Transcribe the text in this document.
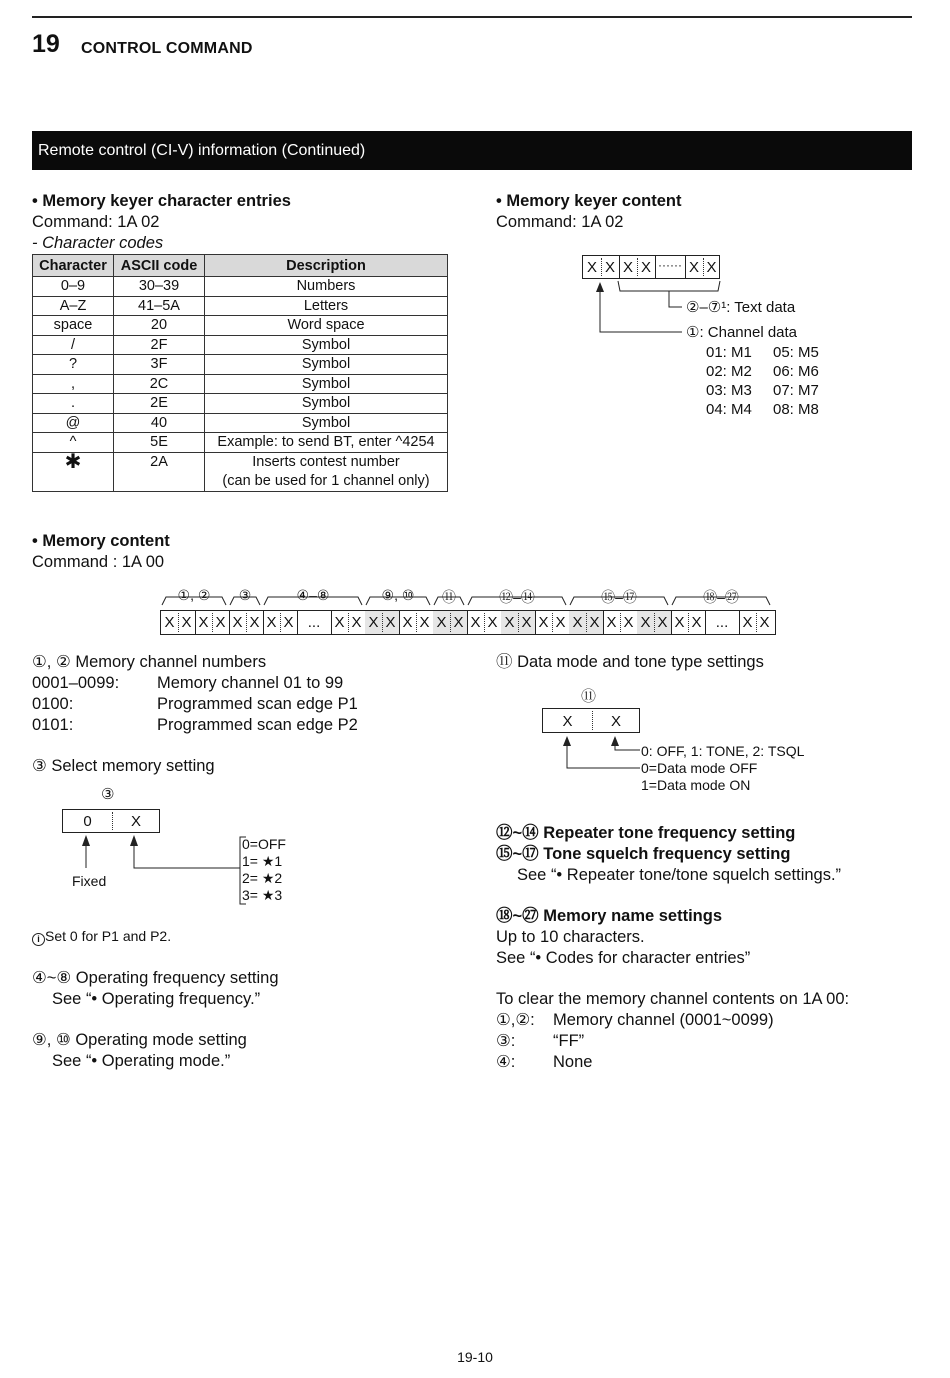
19 CONTROL COMMAND
Remote control (CI-V) information (Continued)
• Memory keyer character entries
Command: 1A 02
- Character codes
Character	ASCII code	Description
0–9	30–39	Numbers
A–Z	41–5A	Letters
space	20	Word space
/	2F	Symbol
?	3F	Symbol
,	2C	Symbol
.	2E	Symbol
@	40	Symbol
^	5E	Example: to send BT, enter ^4254
✱	2A	Inserts contest number
(can be used for 1 channel only)
• Memory keyer content
Command: 1A 02
X X X X ······ X X
②–⑦¹: Text data
①: Channel data
01: M1 05: M5
02: M2 06: M6
03: M3 07: M7
04: M4 08: M8
• Memory content
Command : 1A 00
①, ②	③	④–⑧	⑨, ⑩	⑪	⑫–⑭	⑮–⑰	⑱–㉗
X X X X X X X X ... X X X X X X X X X X X X X X X X X X X X X X ... X X
①, ② Memory channel numbers
0001–0099: Memory channel 01 to 99
0100:	Programmed scan edge P1
0101:	Programmed scan edge P2
③ Select memory setting
③
0	X
Fixed
0=OFF
1= ★1
2= ★2
3= ★3
i Set 0 for P1 and P2.
④~⑧ Operating frequency setting
See “• Operating frequency.”
⑨, ⑩ Operating mode setting
See “• Operating mode.”
⑪ Data mode and tone type settings
⑪
X	X
0: OFF, 1: TONE, 2: TSQL
0=Data mode OFF
1=Data mode ON
⑫~⑭ Repeater tone frequency setting
⑮~⑰ Tone squelch frequency setting
See “• Repeater tone/tone squelch settings.”
⑱~㉗ Memory name settings
Up to 10 characters.
See “• Codes for character entries”
To clear the memory channel contents on 1A 00:
①,②: Memory channel (0001~0099)
③: “FF”
④: None
19-10
